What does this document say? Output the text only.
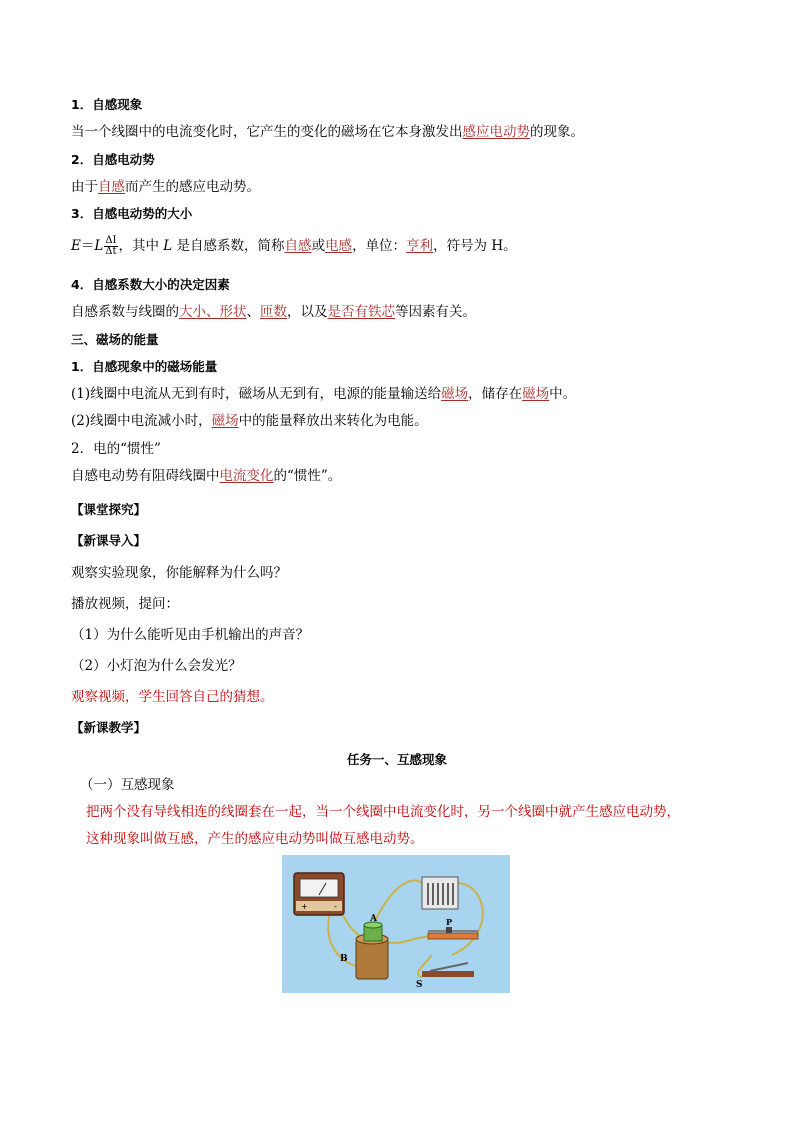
1．自感现象
当一个线圈中的电流变化时，它产生的变化的磁场在它本身激发出感应电动势的现象。
2．自感电动势
由于自感而产生的感应电动势。
3．自感电动势的大小
$E=L \frac{\Delta I}{\Delta t}$ ，其中 L 是自感系数，简称自感或电感，单位：亨利，符号为 H。
4．自感系数大小的决定因素
自感系数与线圈的大小、形状、匝数，以及是否有铁芯等因素有关。
三、磁场的能量
1．自感现象中的磁场能量
(1)线圈中电流从无到有时，磁场从无到有，电源的能量输送给磁场，储存在磁场中。
(2)线圈中电流减小时，磁场中的能量释放出来转化为电能。
2．电的“惯性”
自感电动势有阻碍线圈中电流变化的“惯性”。
【课堂探究】
【新课导入】
观察实验现象，你能解释为什么吗？
播放视频，提问：
（1）为什么能听见由手机输出的声音？
（2）小灯泡为什么会发光？
观察视频，学生回答自己的猜想。
【新课教学】
任务一、互感现象
（一）互感现象
把两个没有导线相连的线圈套在一起，当一个线圈中电流变化时，另一个线圈中就产生感应电动势，
这种现象叫做互感，产生的感应电动势叫做互感电动势。
+	-
A
B
P
S
